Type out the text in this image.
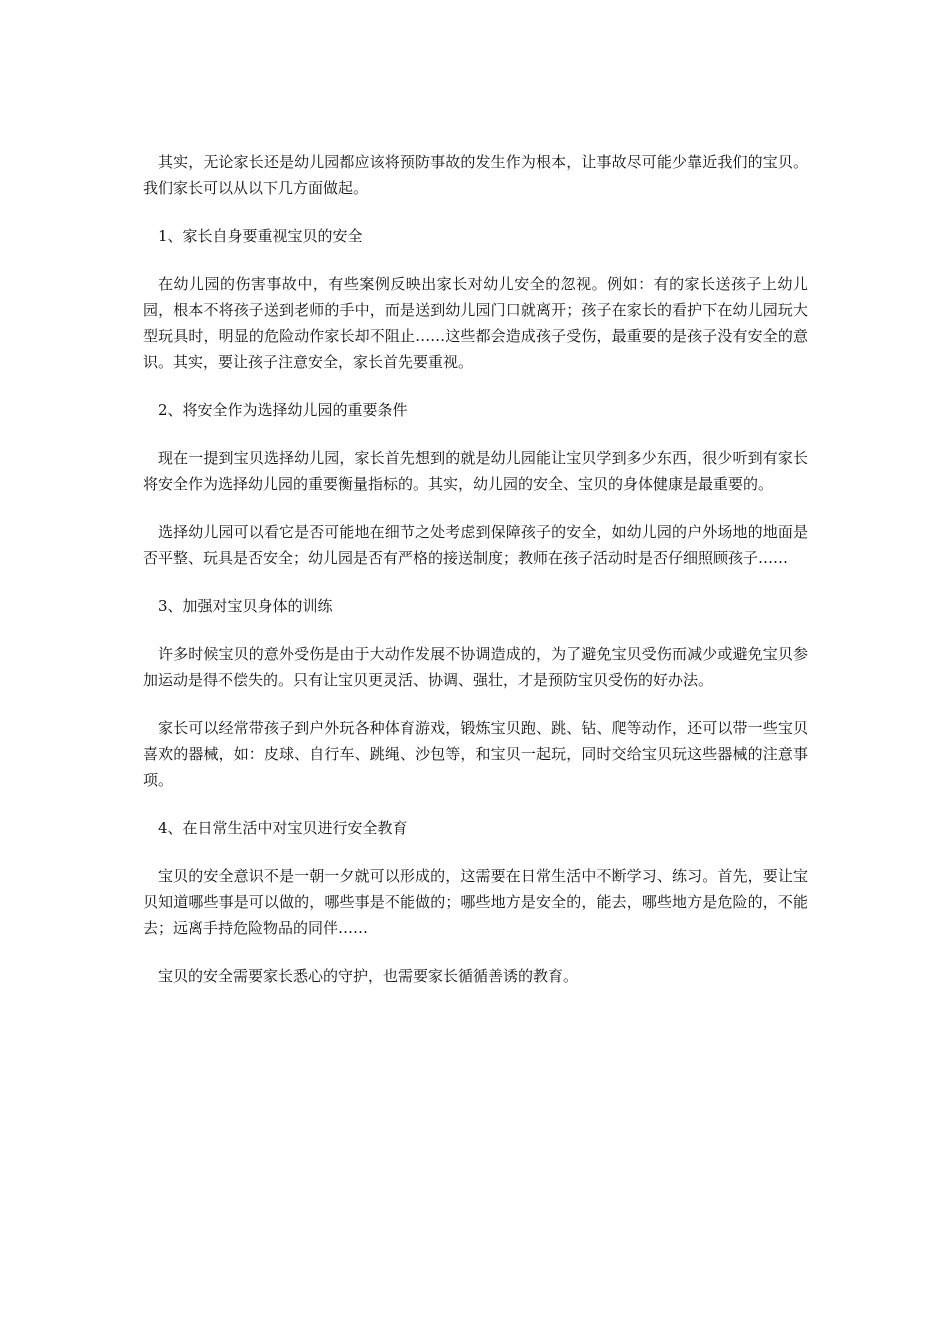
其实，无论家长还是幼儿园都应该将预防事故的发生作为根本，让事故尽可能少靠近我们的宝贝。我们家长可以从以下几方面做起。

1、家长自身要重视宝贝的安全

在幼儿园的伤害事故中，有些案例反映出家长对幼儿安全的忽视。例如：有的家长送孩子上幼儿园，根本不将孩子送到老师的手中，而是送到幼儿园门口就离开；孩子在家长的看护下在幼儿园玩大型玩具时，明显的危险动作家长却不阻止……这些都会造成孩子受伤，最重要的是孩子没有安全的意识。其实，要让孩子注意安全，家长首先要重视。

2、将安全作为选择幼儿园的重要条件

现在一提到宝贝选择幼儿园，家长首先想到的就是幼儿园能让宝贝学到多少东西，很少听到有家长将安全作为选择幼儿园的重要衡量指标的。其实，幼儿园的安全、宝贝的身体健康是最重要的。

选择幼儿园可以看它是否可能地在细节之处考虑到保障孩子的安全，如幼儿园的户外场地的地面是否平整、玩具是否安全；幼儿园是否有严格的接送制度；教师在孩子活动时是否仔细照顾孩子……

3、加强对宝贝身体的训练

许多时候宝贝的意外受伤是由于大动作发展不协调造成的，为了避免宝贝受伤而减少或避免宝贝参加运动是得不偿失的。只有让宝贝更灵活、协调、强壮，才是预防宝贝受伤的好办法。

家长可以经常带孩子到户外玩各种体育游戏，锻炼宝贝跑、跳、钻、爬等动作，还可以带一些宝贝喜欢的器械，如：皮球、自行车、跳绳、沙包等，和宝贝一起玩，同时交给宝贝玩这些器械的注意事项。

4、在日常生活中对宝贝进行安全教育

宝贝的安全意识不是一朝一夕就可以形成的，这需要在日常生活中不断学习、练习。首先，要让宝贝知道哪些事是可以做的，哪些事是不能做的；哪些地方是安全的，能去，哪些地方是危险的，不能去；远离手持危险物品的同伴……

宝贝的安全需要家长悉心的守护，也需要家长循循善诱的教育。
